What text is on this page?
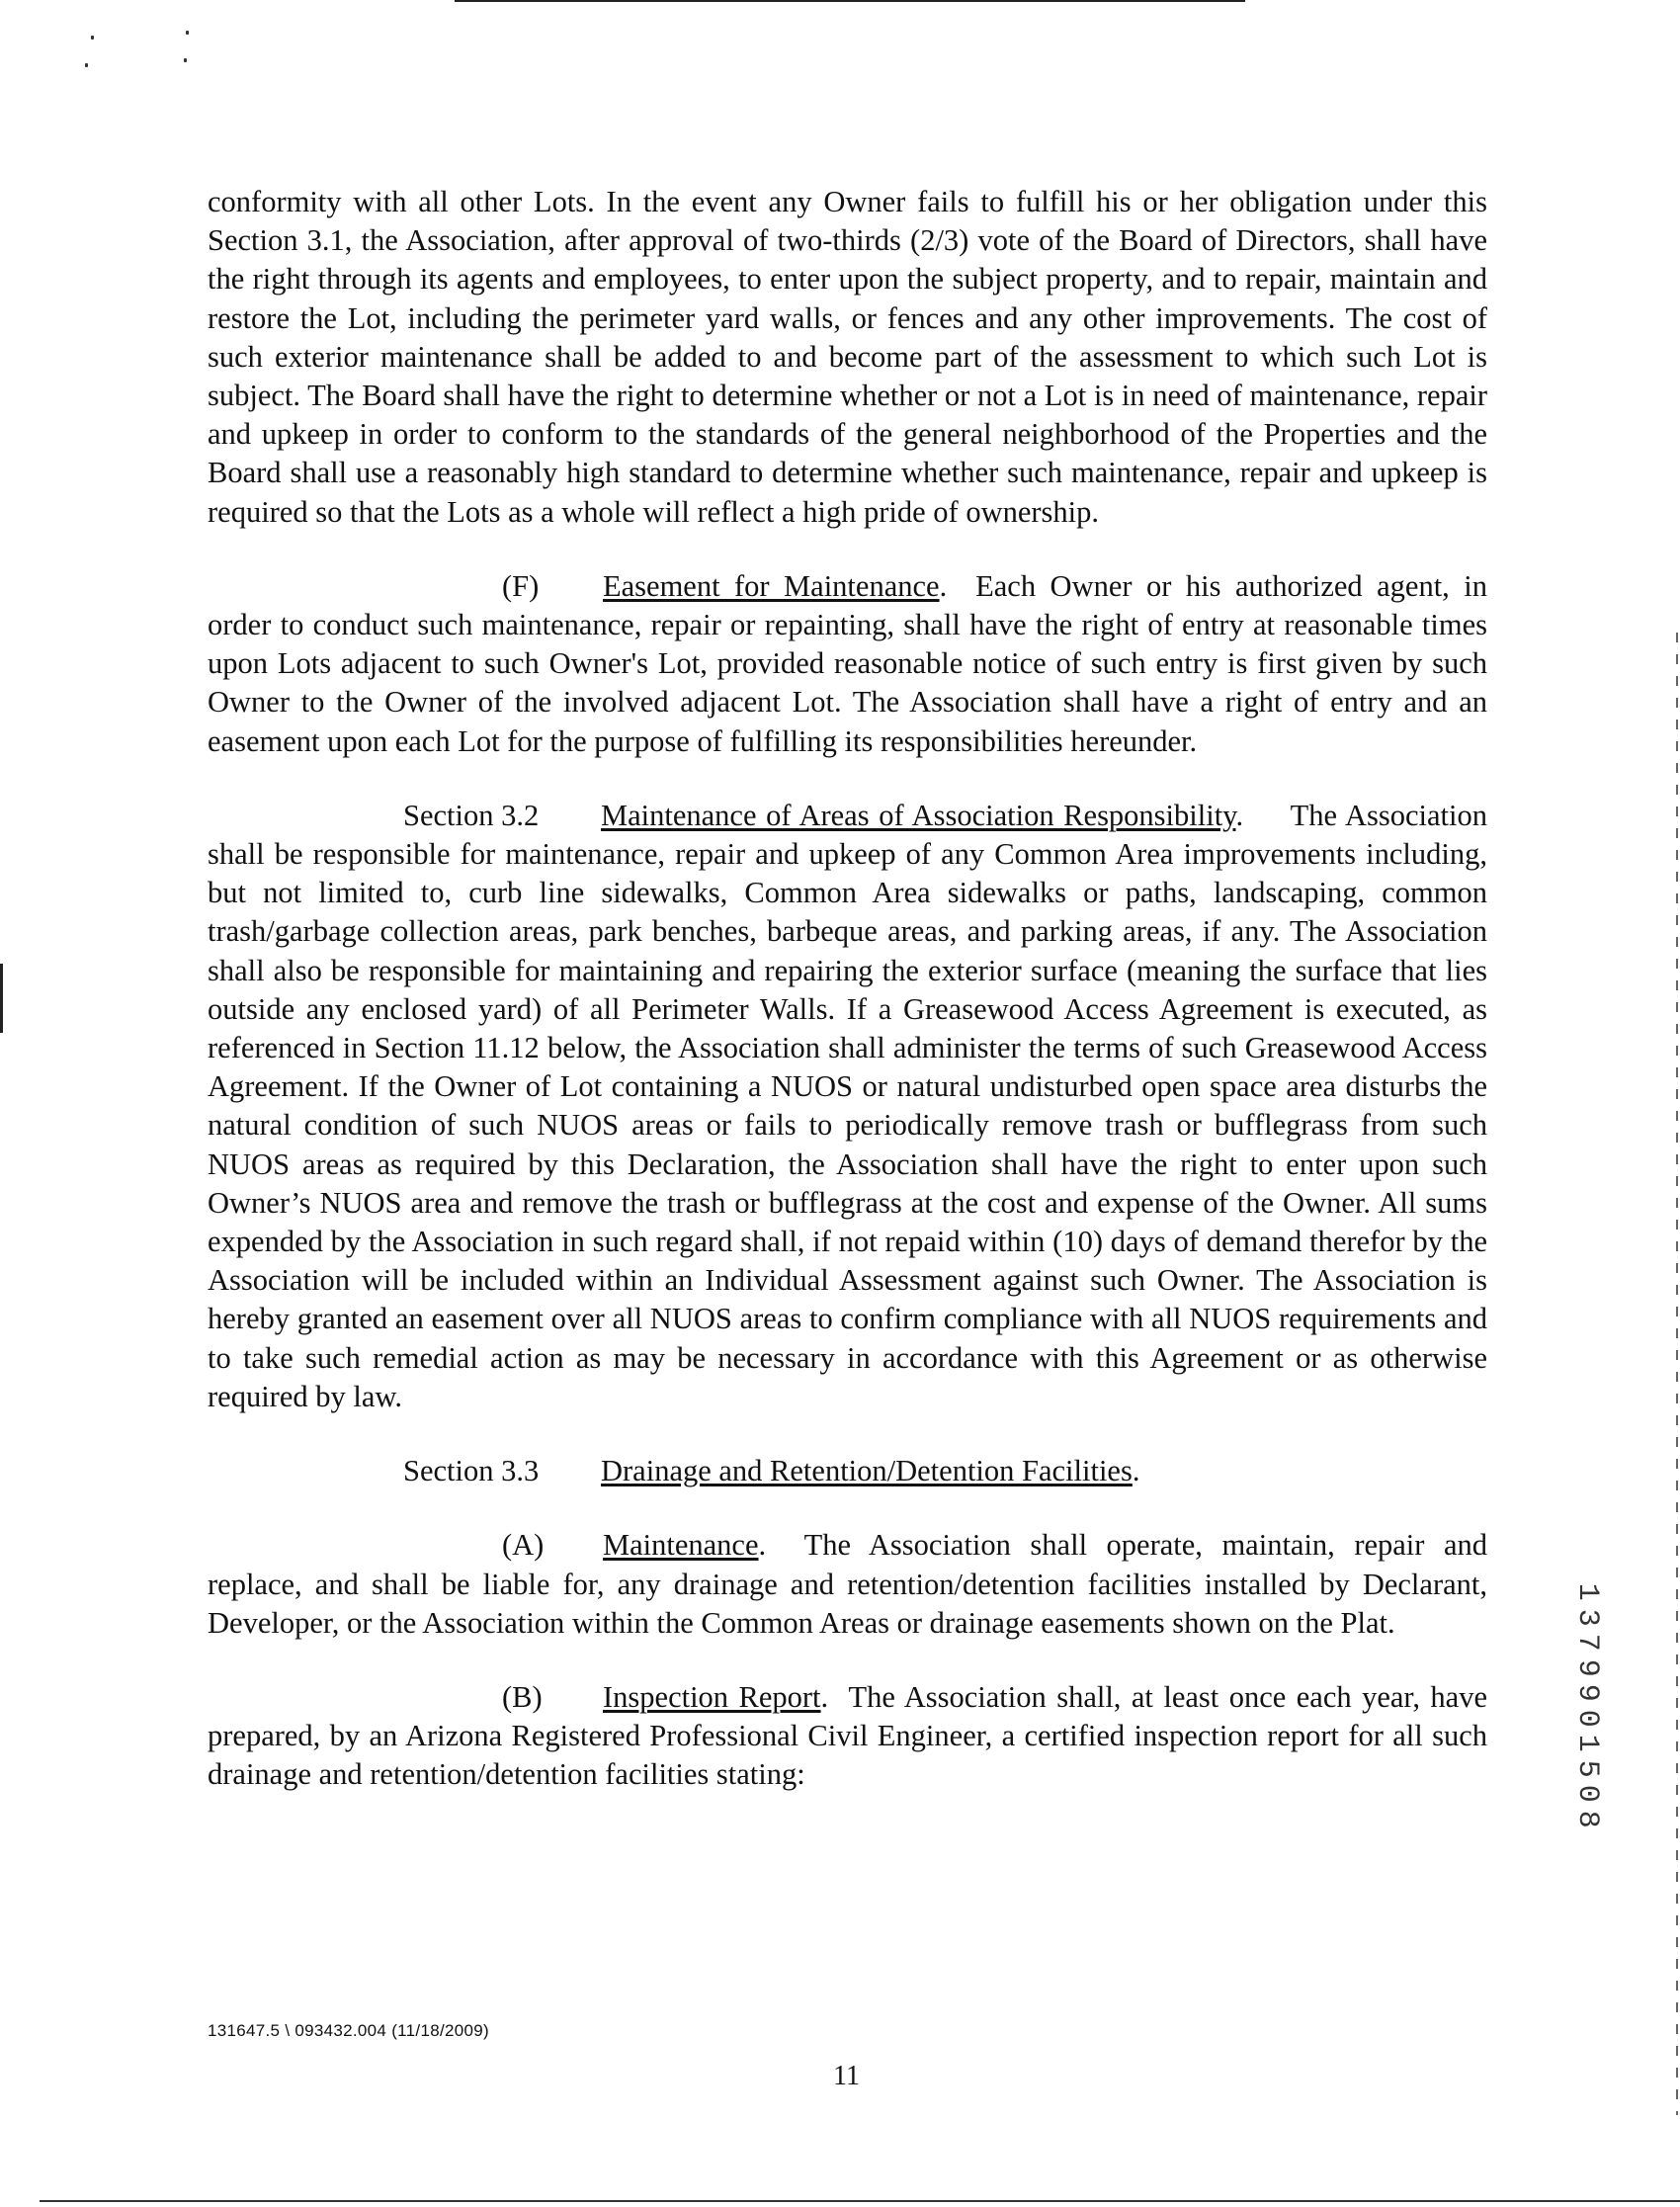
conformity with all other Lots. In the event any Owner fails to fulfill his or her obligation under this Section 3.1, the Association, after approval of two-thirds (2/3) vote of the Board of Directors, shall have the right through its agents and employees, to enter upon the subject property, and to repair, maintain and restore the Lot, including the perimeter yard walls, or fences and any other improvements. The cost of such exterior maintenance shall be added to and become part of the assessment to which such Lot is subject. The Board shall have the right to determine whether or not a Lot is in need of maintenance, repair and upkeep in order to conform to the standards of the general neighborhood of the Properties and the Board shall use a reasonably high standard to determine whether such maintenance, repair and upkeep is required so that the Lots as a whole will reflect a high pride of ownership.

(F) Easement for Maintenance.  Each Owner or his authorized agent, in order to conduct such maintenance, repair or repainting, shall have the right of entry at reasonable times upon Lots adjacent to such Owner's Lot, provided reasonable notice of such entry is first given by such Owner to the Owner of the involved adjacent Lot. The Association shall have a right of entry and an easement upon each Lot for the purpose of fulfilling its responsibilities hereunder.

Section 3.2 Maintenance of Areas of Association Responsibility.     The Association shall be responsible for maintenance, repair and upkeep of any Common Area improvements including, but not limited to, curb line sidewalks, Common Area sidewalks or paths, landscaping, common trash/garbage collection areas, park benches, barbeque areas, and parking areas, if any. The Association shall also be responsible for maintaining and repairing the exterior surface (meaning the surface that lies outside any enclosed yard) of all Perimeter Walls. If a Greasewood Access Agreement is executed, as referenced in Section 11.12 below, the Association shall administer the terms of such Greasewood Access Agreement. If the Owner of Lot containing a NUOS or natural undisturbed open space area disturbs the natural condition of such NUOS areas or fails to periodically remove trash or bufflegrass from such NUOS areas as required by this Declaration, the Association shall have the right to enter upon such Owner’s NUOS area and remove the trash or bufflegrass at the cost and expense of the Owner. All sums expended by the Association in such regard shall, if not repaid within (10) days of demand therefor by the Association will be included within an Individual Assessment against such Owner. The Association is hereby granted an easement over all NUOS areas to confirm compliance with all NUOS requirements and to take such remedial action as may be necessary in accordance with this Agreement or as otherwise required by law.

Section 3.3 Drainage and Retention/Detention Facilities.

(A) Maintenance.  The Association shall operate, maintain, repair and replace, and shall be liable for, any drainage and retention/detention facilities installed by Declarant, Developer, or the Association within the Common Areas or drainage easements shown on the Plat.

(B) Inspection Report.  The Association shall, at least once each year, have prepared, by an Arizona Registered Professional Civil Engineer, a certified inspection report for all such drainage and retention/detention facilities stating:

131647.5 \ 093432.004 (11/18/2009)
11
1
3
7
9
9
0
1
5
0
8
